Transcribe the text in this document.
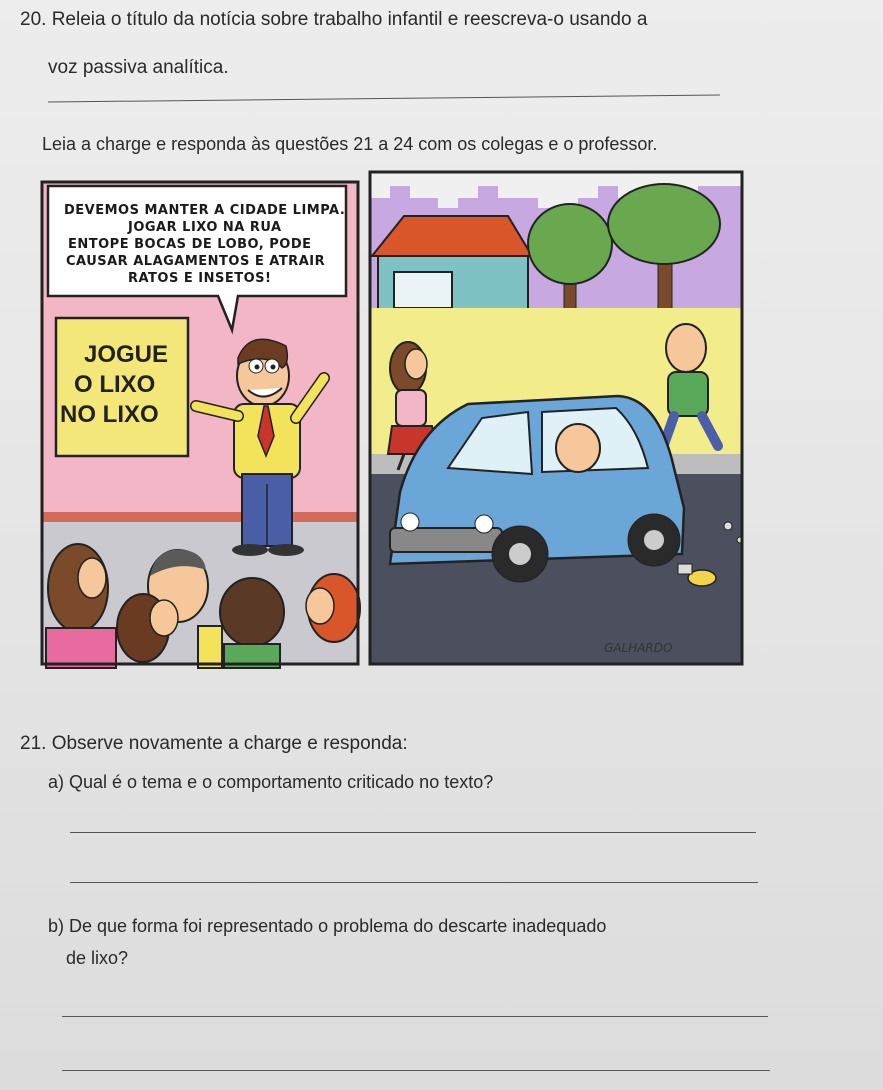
20. Releia o título da notícia sobre trabalho infantil e reescreva-o usando a
voz passiva analítica.
Leia a charge e responda às questões 21 a 24 com os colegas e o professor.
JOGUE
O LIXO
NO LIXO
DEVEMOS MANTER A CIDADE LIMPA.
JOGAR LIXO NA RUA
ENTOPE BOCAS DE LOBO, PODE
CAUSAR ALAGAMENTOS E ATRAIR
RATOS E INSETOS!
GALHARDO
21. Observe novamente a charge e responda:
a) Qual é o tema e o comportamento criticado no texto?
b) De que forma foi representado o problema do descarte inadequado
de lixo?
